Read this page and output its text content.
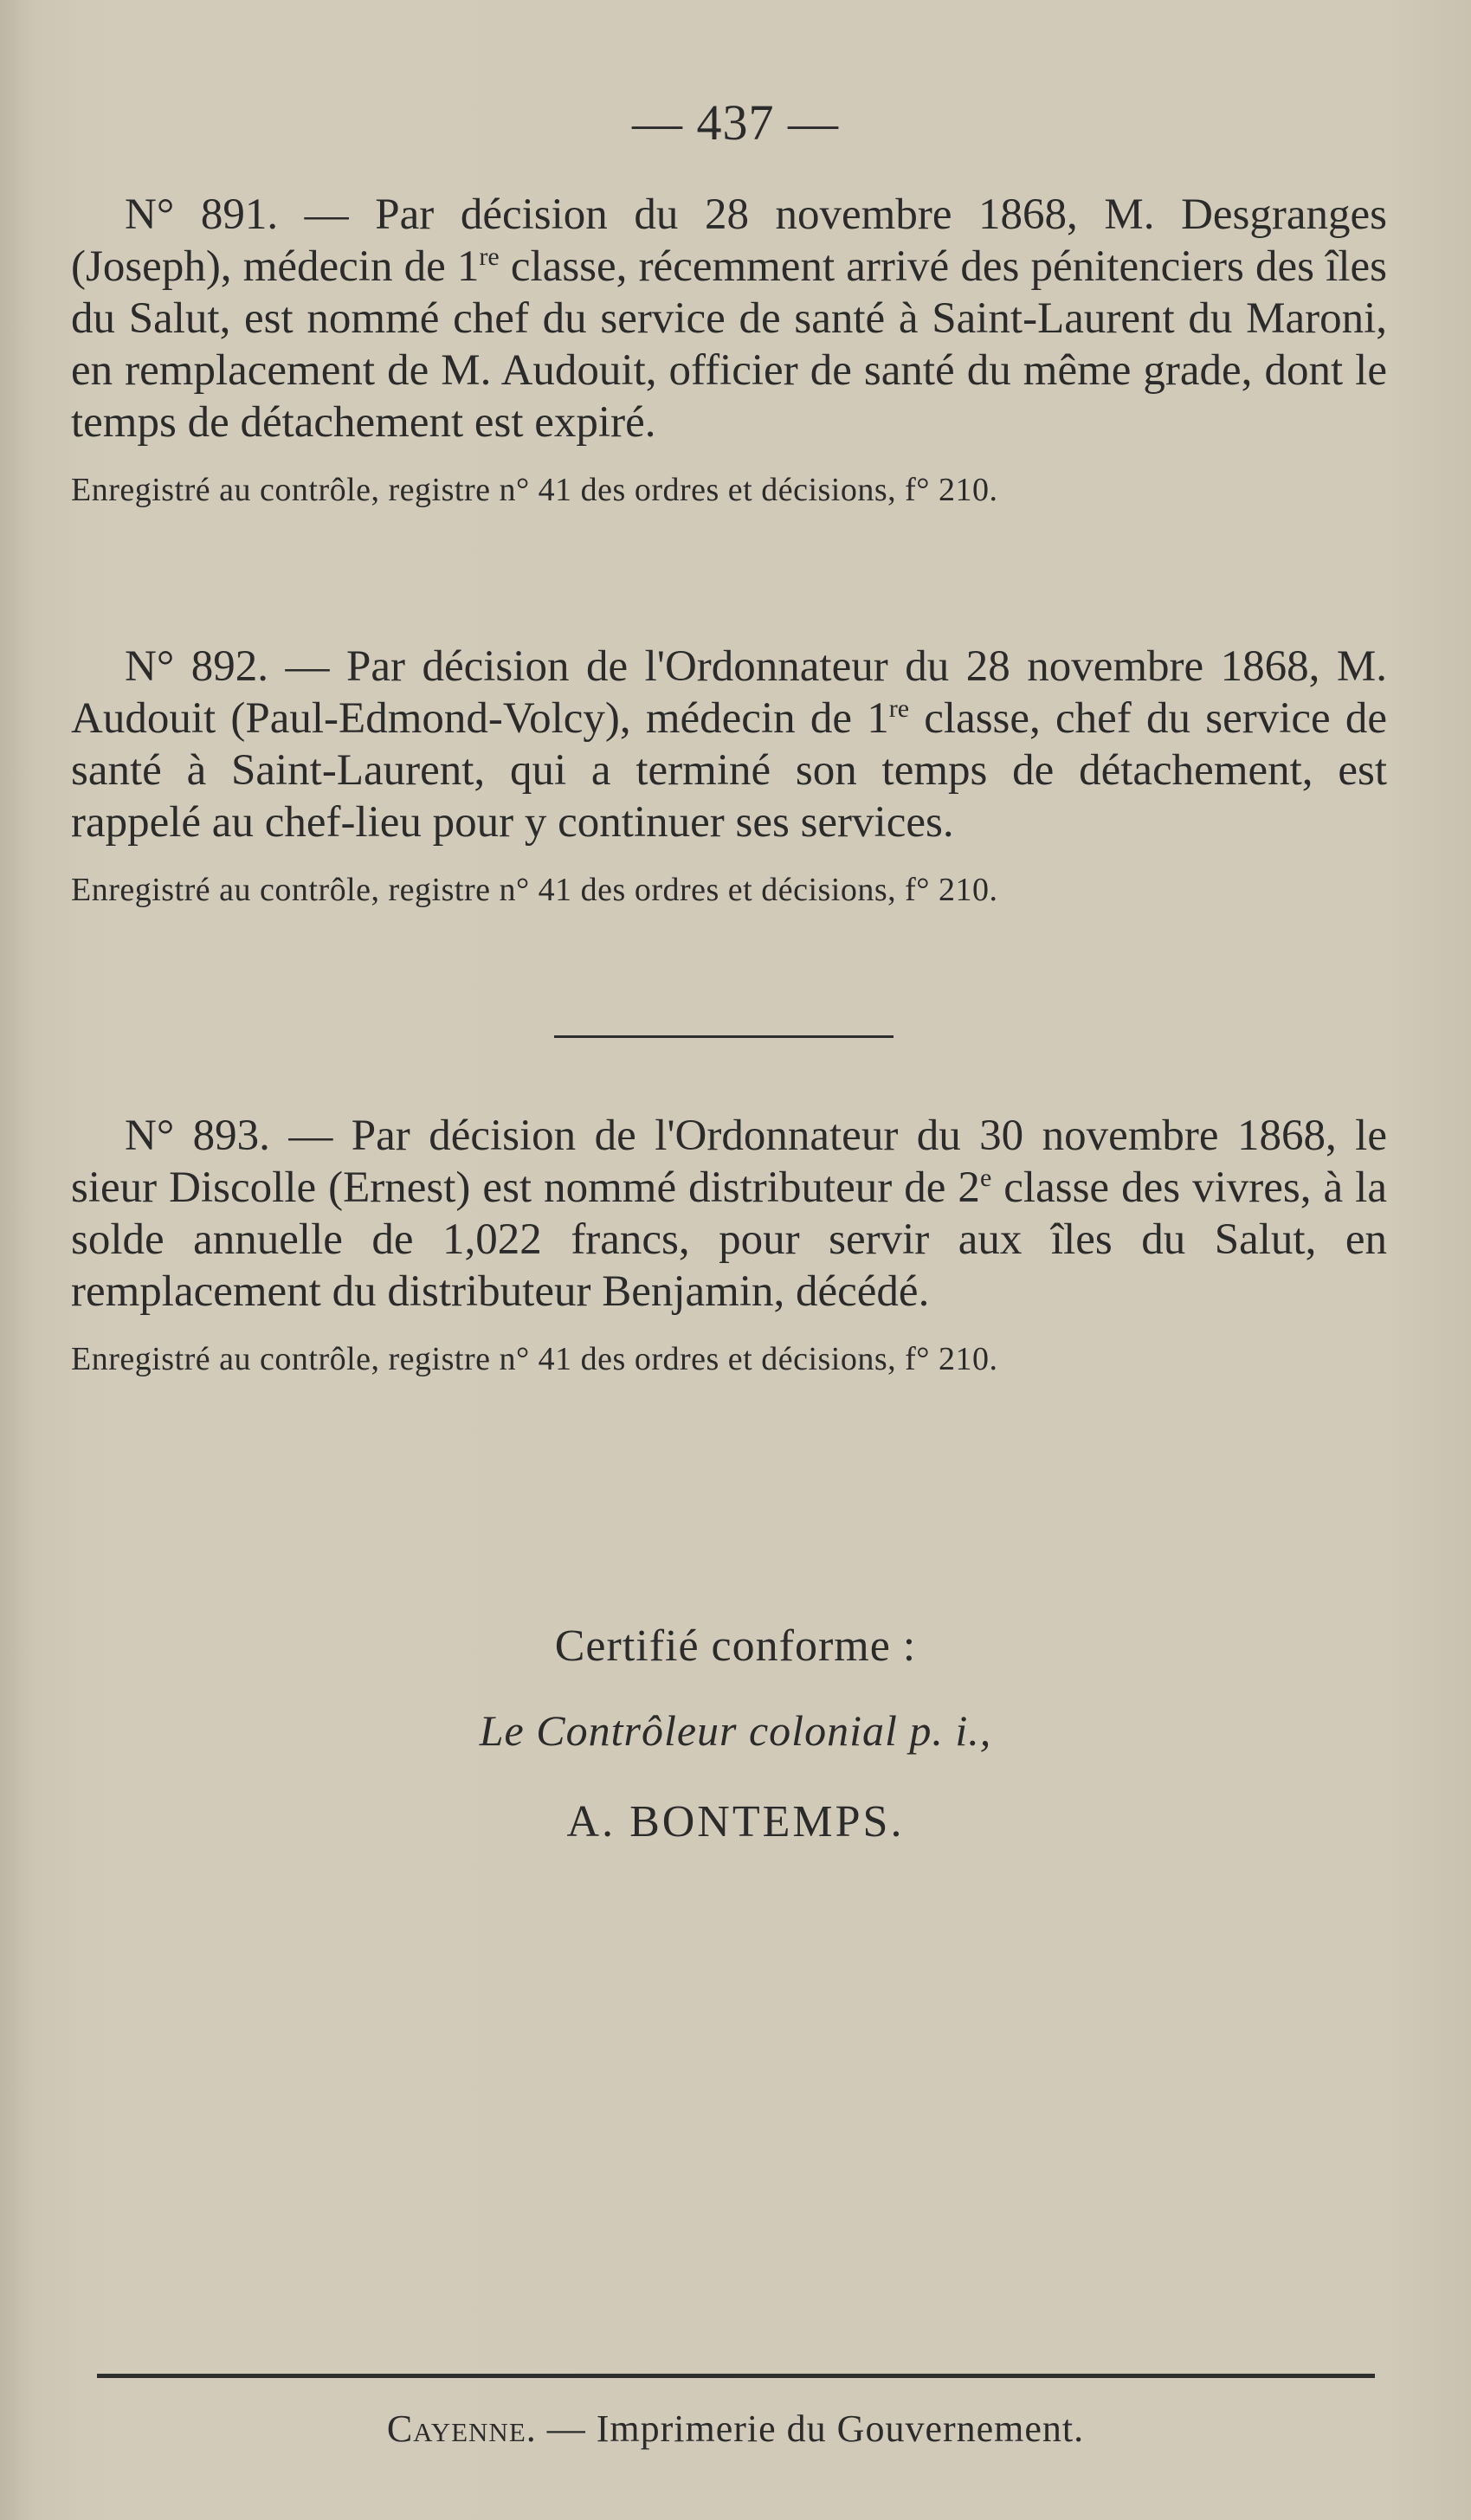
— 437 —

N° 891. — Par décision du 28 novembre 1868, M. Desgranges (Joseph), médecin de 1re classe, récemment arrivé des pénitenciers des îles du Salut, est nommé chef du service de santé à Saint-Laurent du Maroni, en remplacement de M. Audouit, officier de santé du même grade, dont le temps de détachement est expiré.

Enregistré au contrôle, registre n° 41 des ordres et décisions, f° 210.

N° 892. — Par décision de l'Ordonnateur du 28 novembre 1868, M. Audouit (Paul-Edmond-Volcy), médecin de 1re classe, chef du service de santé à Saint-Laurent, qui a terminé son temps de détachement, est rappelé au chef-lieu pour y continuer ses services.

Enregistré au contrôle, registre n° 41 des ordres et décisions, f° 210.

N° 893. — Par décision de l'Ordonnateur du 30 novembre 1868, le sieur Discolle (Ernest) est nommé distributeur de 2e classe des vivres, à la solde annuelle de 1,022 francs, pour servir aux îles du Salut, en remplacement du distributeur Benjamin, décédé.

Enregistré au contrôle, registre n° 41 des ordres et décisions, f° 210.

Certifié conforme :
Le Contrôleur colonial p. i.,
A. BONTEMPS.
Cayenne. — Imprimerie du Gouvernement.
